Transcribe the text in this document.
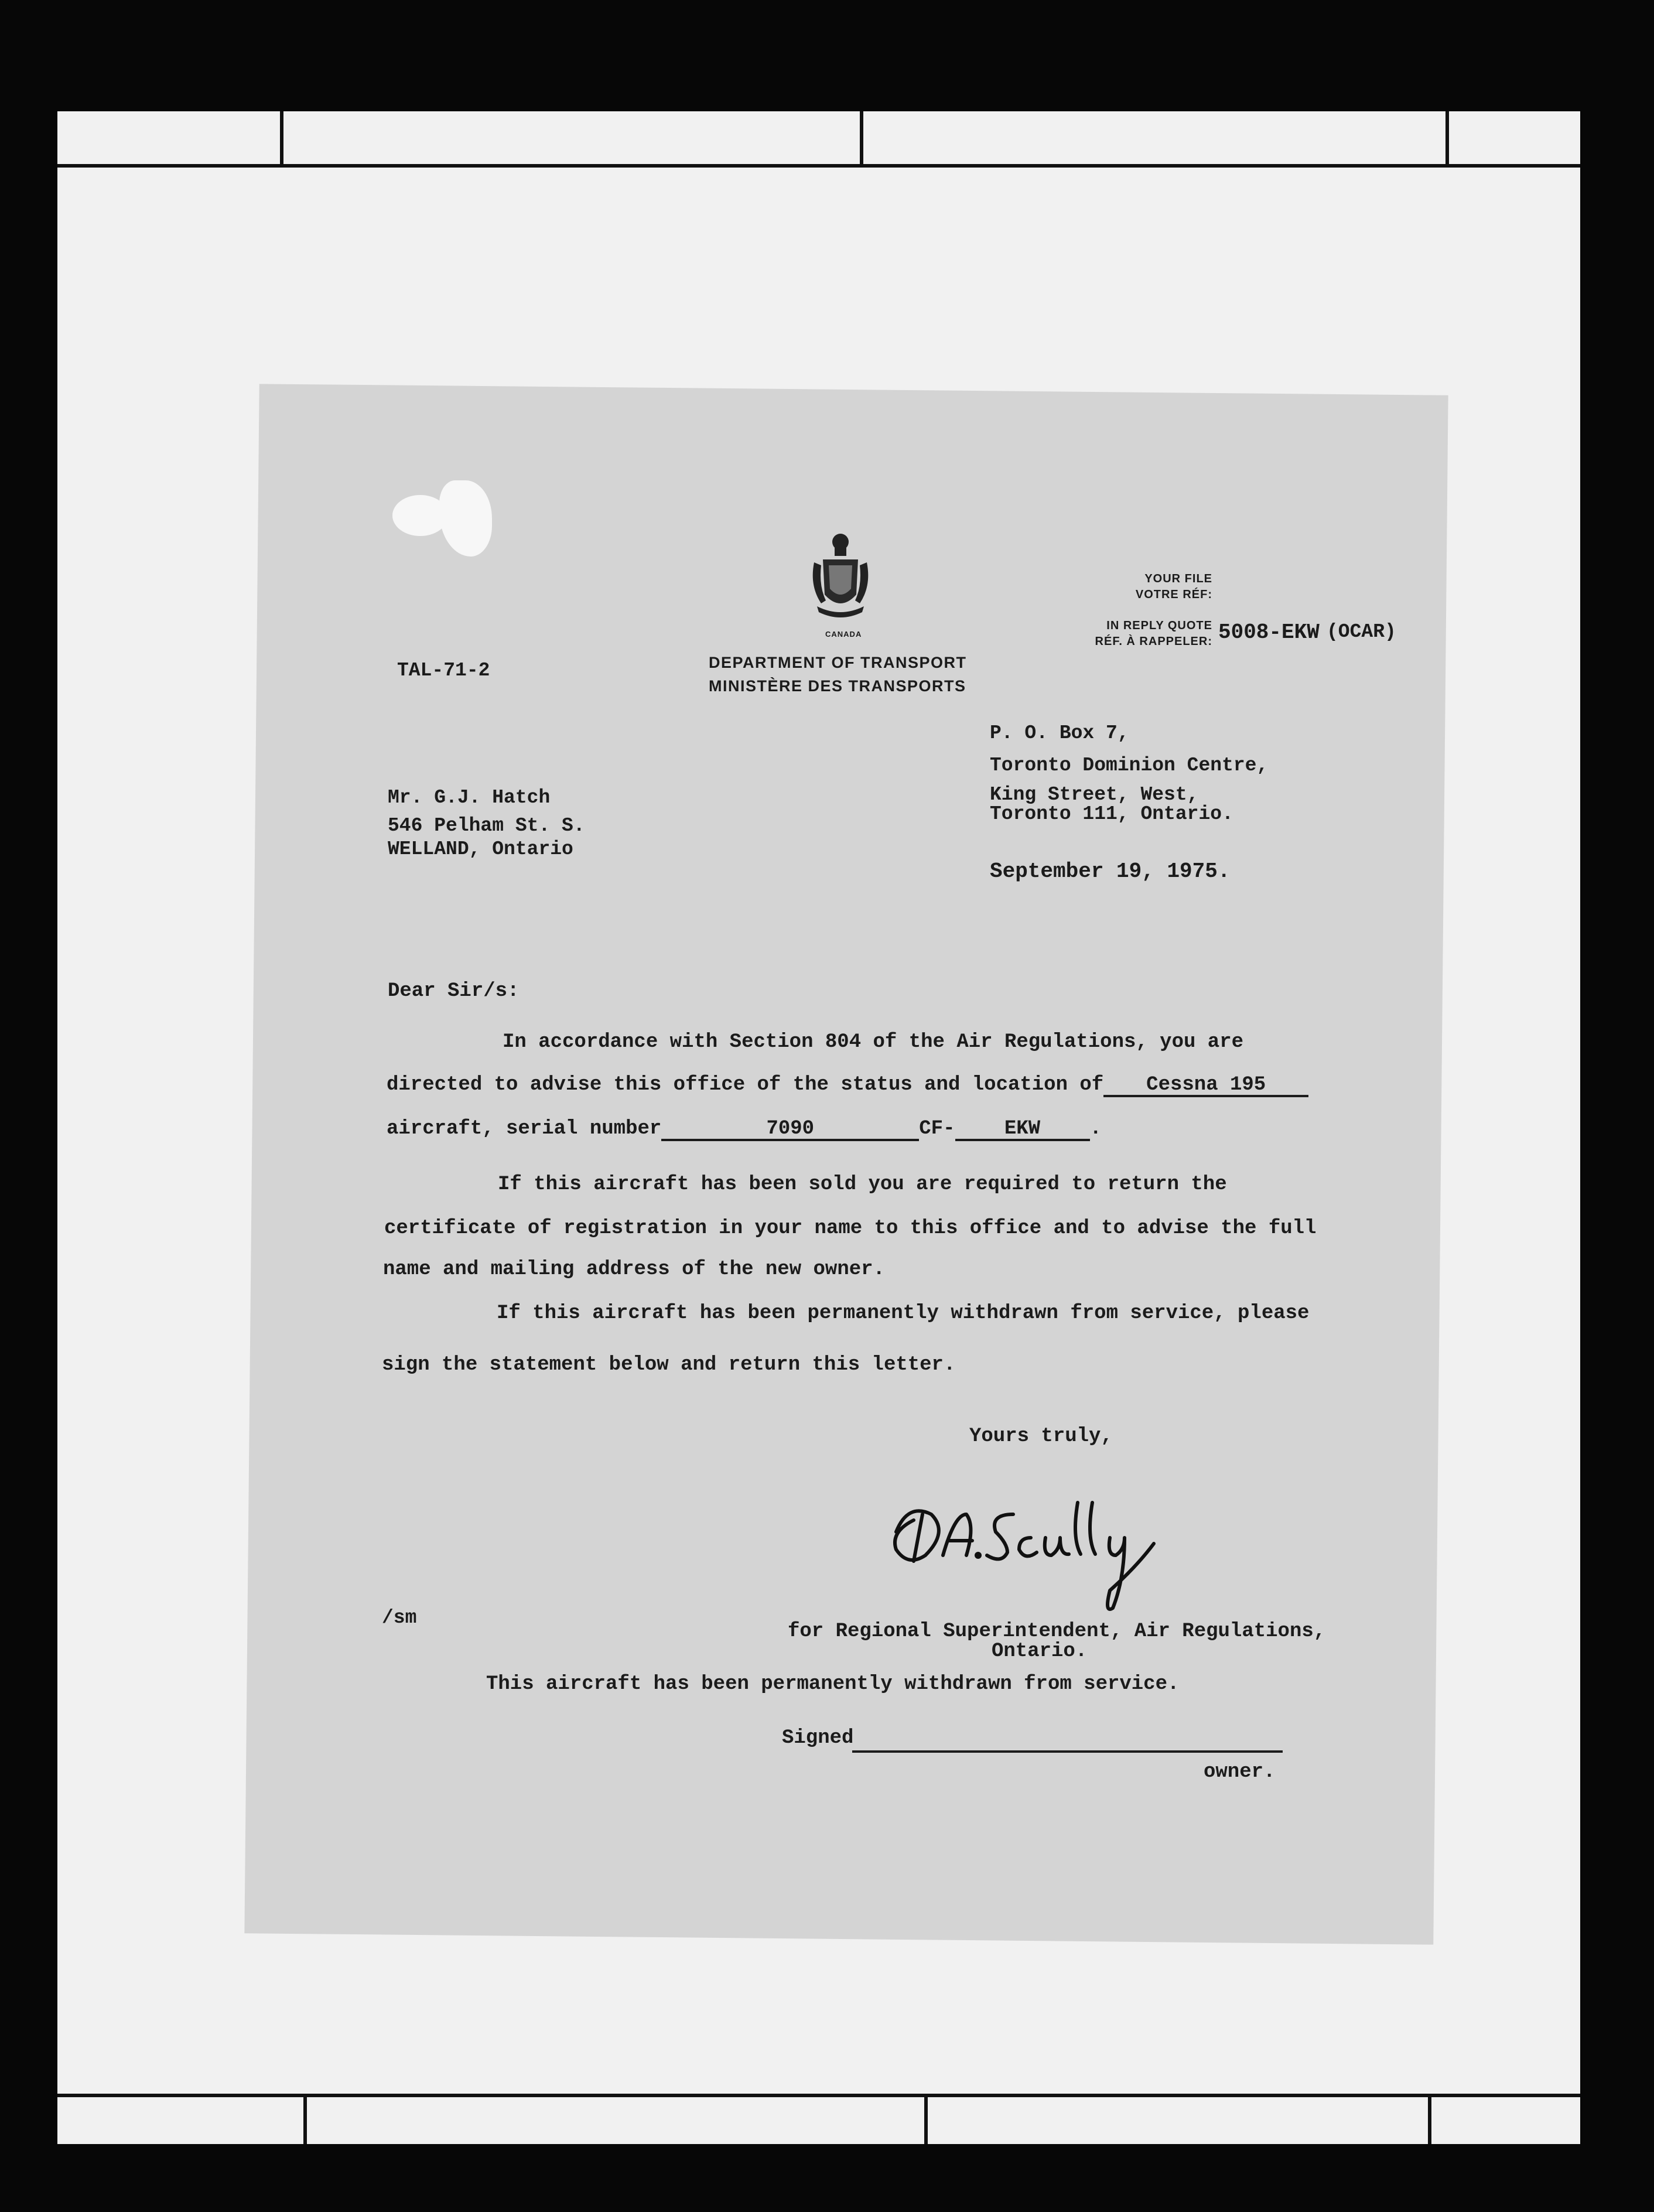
CANADA
DEPARTMENT OF TRANSPORT
MINISTÈRE DES TRANSPORTS
TAL-71-2
YOUR FILE
VOTRE RÉF:
IN REPLY QUOTE
RÉF. À RAPPELER: 5008-EKW (OCAR)
P. O. Box 7,
Toronto Dominion Centre,
King Street, West,
Toronto 111, Ontario.
Mr. G.J. Hatch
546 Pelham St. S.
WELLAND, Ontario
September 19, 1975.
Dear Sir/s:
In accordance with Section 804 of the Air Regulations, you are
directed to advise this office of the status and location of Cessna 195
aircraft, serial number	7090	CF- EKW .
If this aircraft has been sold you are required to return the
certificate of registration in your name to this office and to advise the full
name and mailing address of the new owner.
If this aircraft has been permanently withdrawn from service, please
sign the statement below and return this letter.
Yours truly,
/sm
for Regional Superintendent, Air Regulations,
Ontario.
This aircraft has been permanently withdrawn from service.
Signed
owner.
